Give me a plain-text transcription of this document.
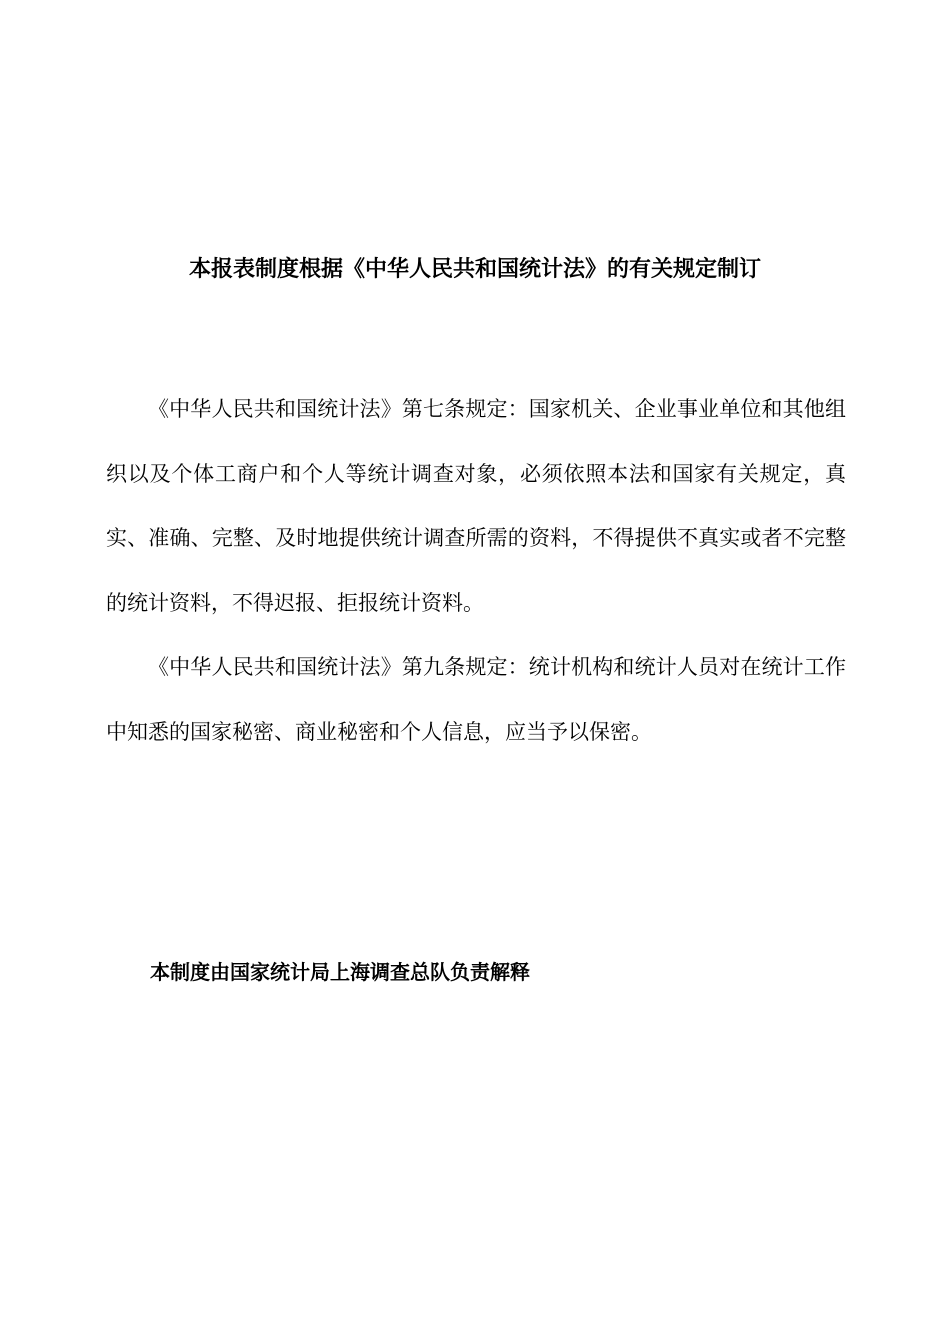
本报表制度根据《中华人民共和国统计法》的有关规定制订

《中华人民共和国统计法》第七条规定：国家机关、企业事业单位和其他组织以及个体工商户和个人等统计调查对象，必须依照本法和国家有关规定，真实、准确、完整、及时地提供统计调查所需的资料，不得提供不真实或者不完整的统计资料，不得迟报、拒报统计资料。

《中华人民共和国统计法》第九条规定：统计机构和统计人员对在统计工作中知悉的国家秘密、商业秘密和个人信息，应当予以保密。

本制度由国家统计局上海调查总队负责解释
